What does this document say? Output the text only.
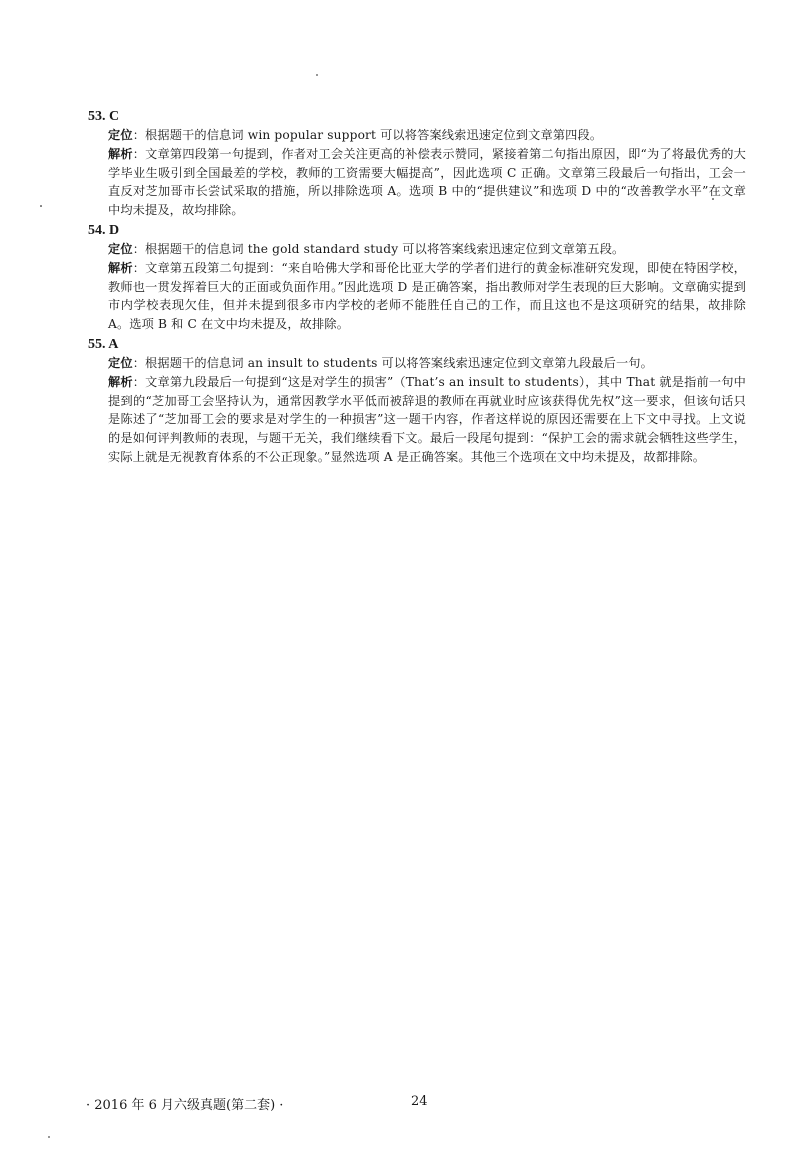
53. C

定位：根据题干的信息词 win popular support 可以将答案线索迅速定位到文章第四段。

解析：文章第四段第一句提到，作者对工会关注更高的补偿表示赞同，紧接着第二句指出原因，即“为了将最优秀的大学毕业生吸引到全国最差的学校，教师的工资需要大幅提高”，因此选项 C 正确。文章第三段最后一句指出，工会一直反对芝加哥市长尝试采取的措施，所以排除选项 A。选项 B 中的“提供建议”和选项 D 中的“改善教学水平”在文章中均未提及，故均排除。

54. D

定位：根据题干的信息词 the gold standard study 可以将答案线索迅速定位到文章第五段。

解析：文章第五段第二句提到：“来自哈佛大学和哥伦比亚大学的学者们进行的黄金标准研究发现，即使在特困学校，教师也一贯发挥着巨大的正面或负面作用。”因此选项 D 是正确答案，指出教师对学生表现的巨大影响。文章确实提到市内学校表现欠佳，但并未提到很多市内学校的老师不能胜任自己的工作，而且这也不是这项研究的结果，故排除 A。选项 B 和 C 在文中均未提及，故排除。

55. A

定位：根据题干的信息词 an insult to students 可以将答案线索迅速定位到文章第九段最后一句。

解析：文章第九段最后一句提到“这是对学生的损害”（That’s an insult to students），其中 That 就是指前一句中提到的“芝加哥工会坚持认为，通常因教学水平低而被辞退的教师在再就业时应该获得优先权”这一要求，但该句话只是陈述了“芝加哥工会的要求是对学生的一种损害”这一题干内容，作者这样说的原因还需要在上下文中寻找。上文说的是如何评判教师的表现，与题干无关，我们继续看下文。最后一段尾句提到：“保护工会的需求就会牺牲这些学生，实际上就是无视教育体系的不公正现象。”显然选项 A 是正确答案。其他三个选项在文中均未提及，故都排除。

· 2016 年 6 月六级真题(第二套) ·	24
